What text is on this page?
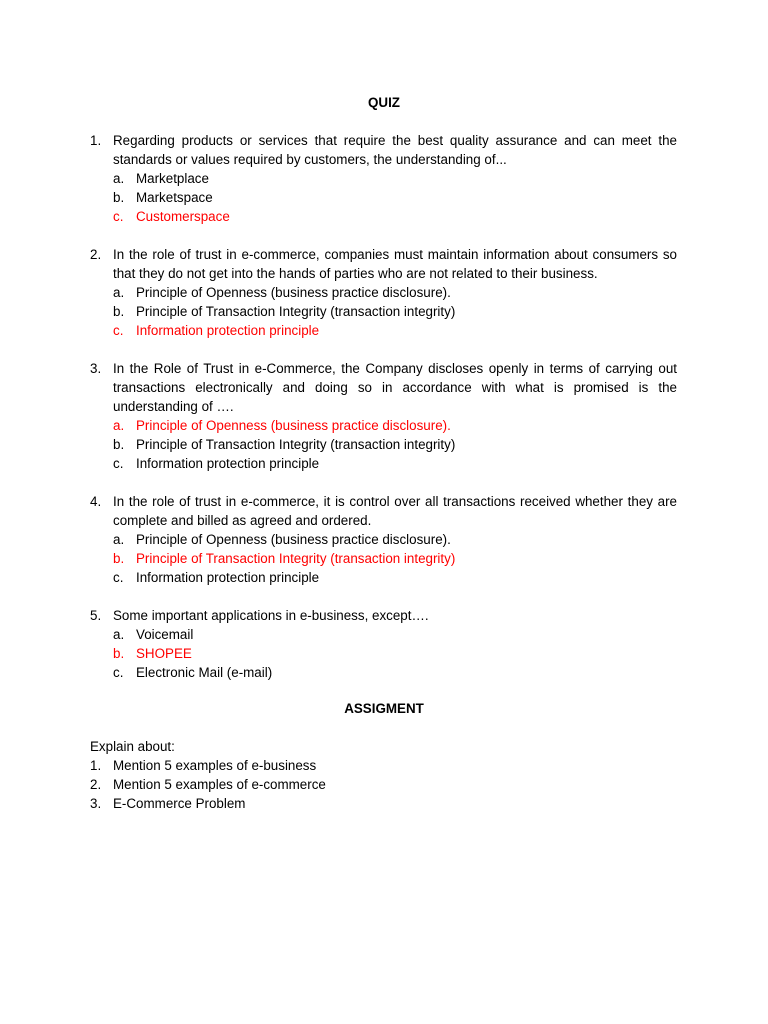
QUIZ
1. Regarding products or services that require the best quality assurance and can meet the standards or values required by customers, the understanding of...
a. Marketplace
b. Marketspace
c. Customerspace
2. In the role of trust in e-commerce, companies must maintain information about consumers so that they do not get into the hands of parties who are not related to their business.
a. Principle of Openness (business practice disclosure).
b. Principle of Transaction Integrity (transaction integrity)
c. Information protection principle
3. In the Role of Trust in e-Commerce, the Company discloses openly in terms of carrying out transactions electronically and doing so in accordance with what is promised is the understanding of ….
a. Principle of Openness (business practice disclosure).
b. Principle of Transaction Integrity (transaction integrity)
c. Information protection principle
4. In the role of trust in e-commerce, it is control over all transactions received whether they are complete and billed as agreed and ordered.
a. Principle of Openness (business practice disclosure).
b. Principle of Transaction Integrity (transaction integrity)
c. Information protection principle
5. Some important applications in e-business, except….
a. Voicemail
b. SHOPEE
c. Electronic Mail (e-mail)
ASSIGMENT
Explain about:
1. Mention 5 examples of e-business
2. Mention 5 examples of e-commerce
3. E-Commerce Problem
